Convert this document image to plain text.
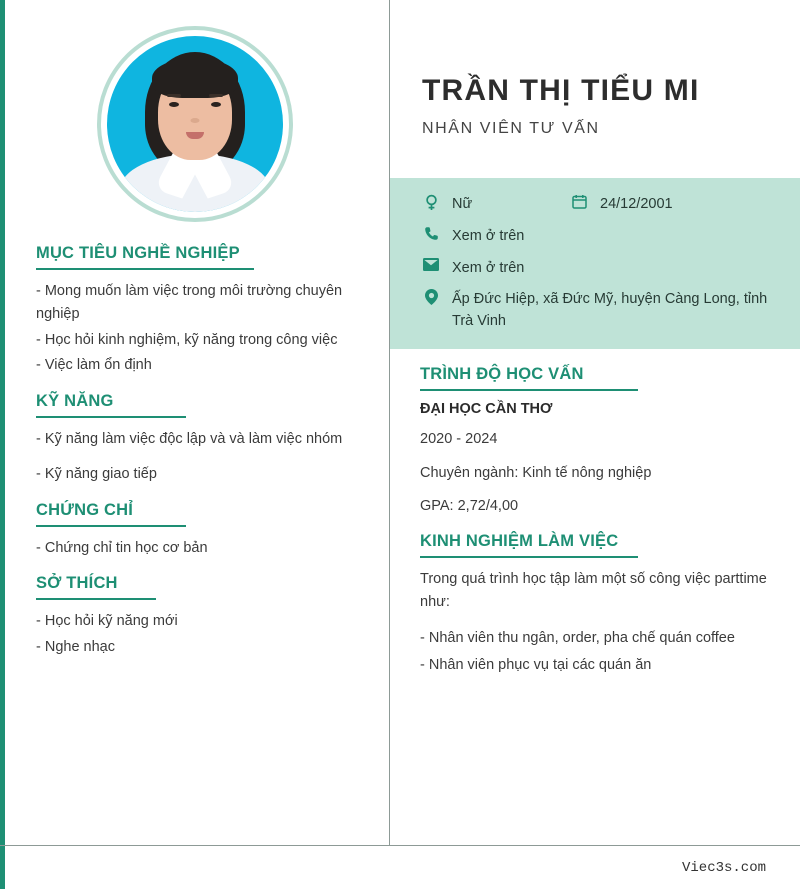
MỤC TIÊU NGHỀ NGHIỆP

- Mong muốn làm việc trong môi trường chuyên nghiệp

- Học hỏi kinh nghiệm, kỹ năng trong công việc

- Việc làm ổn định

KỸ NĂNG

- Kỹ năng làm việc độc lập và và làm việc nhóm

- Kỹ năng giao tiếp

CHỨNG CHỈ

- Chứng chỉ tin học cơ bản

SỞ THÍCH

- Học hỏi kỹ năng mới

- Nghe nhạc

TRẦN THỊ TIỂU MI

NHÂN VIÊN TƯ VẤN

Nữ	24/12/2001
Xem ở trên
Xem ở trên
Ấp Đức Hiệp, xã Đức Mỹ, huyện Càng Long, tỉnh Trà Vinh
TRÌNH ĐỘ HỌC VẤN

ĐẠI HỌC CẦN THƠ

2020 - 2024

Chuyên ngành: Kinh tế nông nghiệp

GPA: 2,72/4,00

KINH NGHIỆM LÀM VIỆC

Trong quá trình học tập làm một số công việc parttime như:

- Nhân viên thu ngân, order, pha chế quán coffee

- Nhân viên phục vụ tại các quán ăn

Viec3s.com
